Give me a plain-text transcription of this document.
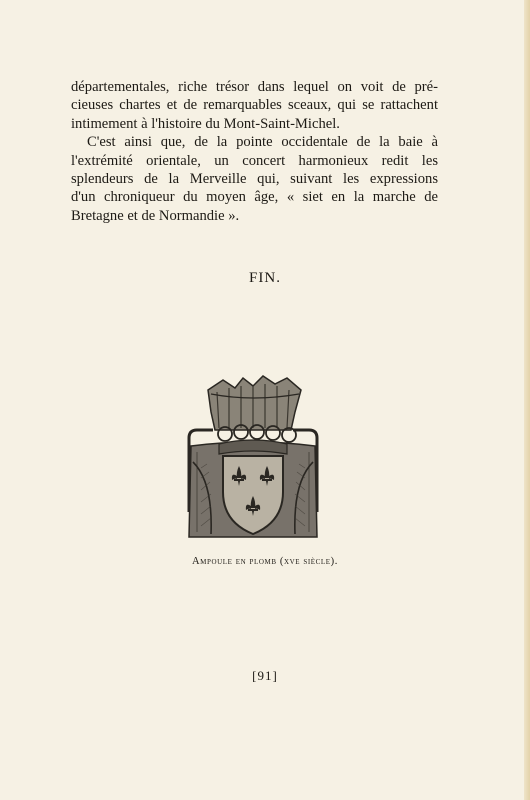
départementales, riche trésor dans lequel on voit de pré-
cieuses chartes et de remarquables sceaux, qui se rattachent
intimement à l'histoire du Mont-Saint-Michel.
C'est ainsi que, de la pointe occidentale de la baie à
l'extrémité orientale, un concert harmonieux redit les
splendeurs de la Merveille qui, suivant les expressions
d'un chroniqueur du moyen âge, « siet en la marche de
Bretagne et de Normandie ».
FIN.
Ampoule en plomb (xve siècle).
[91]
